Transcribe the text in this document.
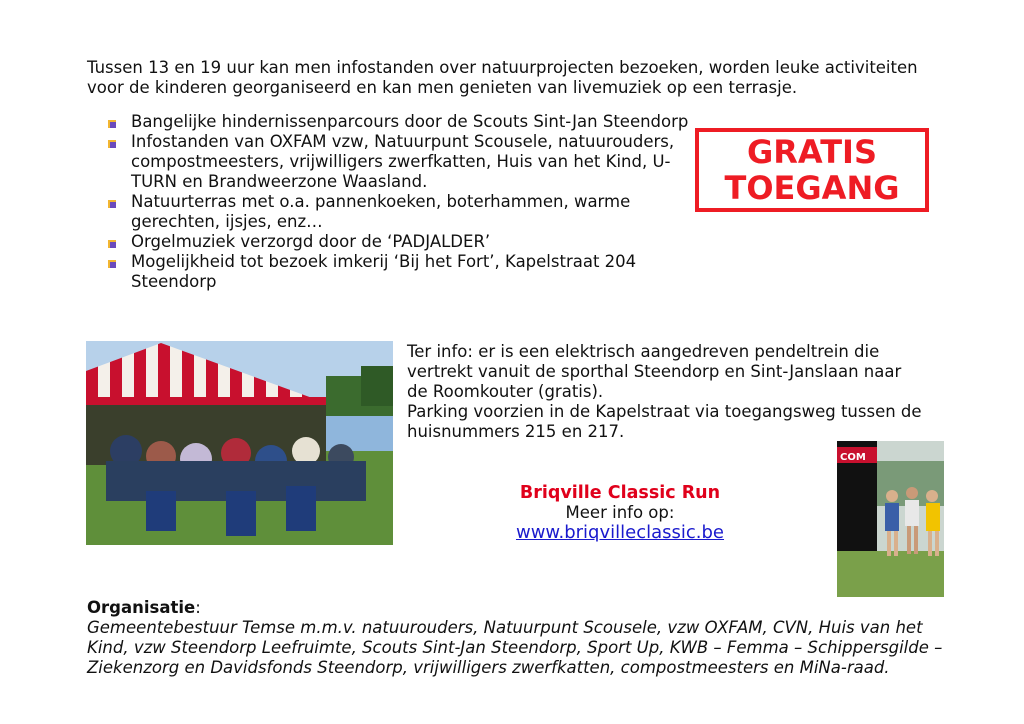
Tussen 13 en 19 uur kan men infostanden over natuurprojecten bezoeken, worden leuke activiteiten voor de kinderen georganiseerd en kan men genieten van livemuziek op een terrasje.
Bangelijke hindernissenparcours door de Scouts Sint-Jan Steendorp
Infostanden van OXFAM vzw, Natuurpunt Scousele, natuurouders, compostmeesters, vrijwilligers zwerfkatten, Huis van het Kind, U-TURN en Brandweerzone Waasland.
Natuurterras met o.a. pannenkoeken, boterhammen, warme gerechten, ijsjes, enz…
Orgelmuziek verzorgd door de ‘PADJALDER’
Mogelijkheid tot bezoek imkerij ‘Bij het Fort’, Kapelstraat 204 Steendorp
GRATIS
TOEGANG
Ter info: er is een elektrisch aangedreven pendeltrein die vertrekt vanuit de sporthal Steendorp en Sint-Janslaan naar de Roomkouter (gratis).
Parking voorzien in de Kapelstraat via toegangsweg tussen de huisnummers 215 en 217.
Briqville Classic Run
Meer info op:
www.briqvilleclassic.be
COM
Organisatie:
Gemeentebestuur Temse m.m.v. natuurouders, Natuurpunt Scousele, vzw OXFAM, CVN, Huis van het Kind, vzw Steendorp Leefruimte, Scouts Sint-Jan Steendorp, Sport Up, KWB – Femma – Schippersgilde – Ziekenzorg en Davidsfonds Steendorp, vrijwilligers zwerfkatten, compostmeesters en MiNa-raad.
